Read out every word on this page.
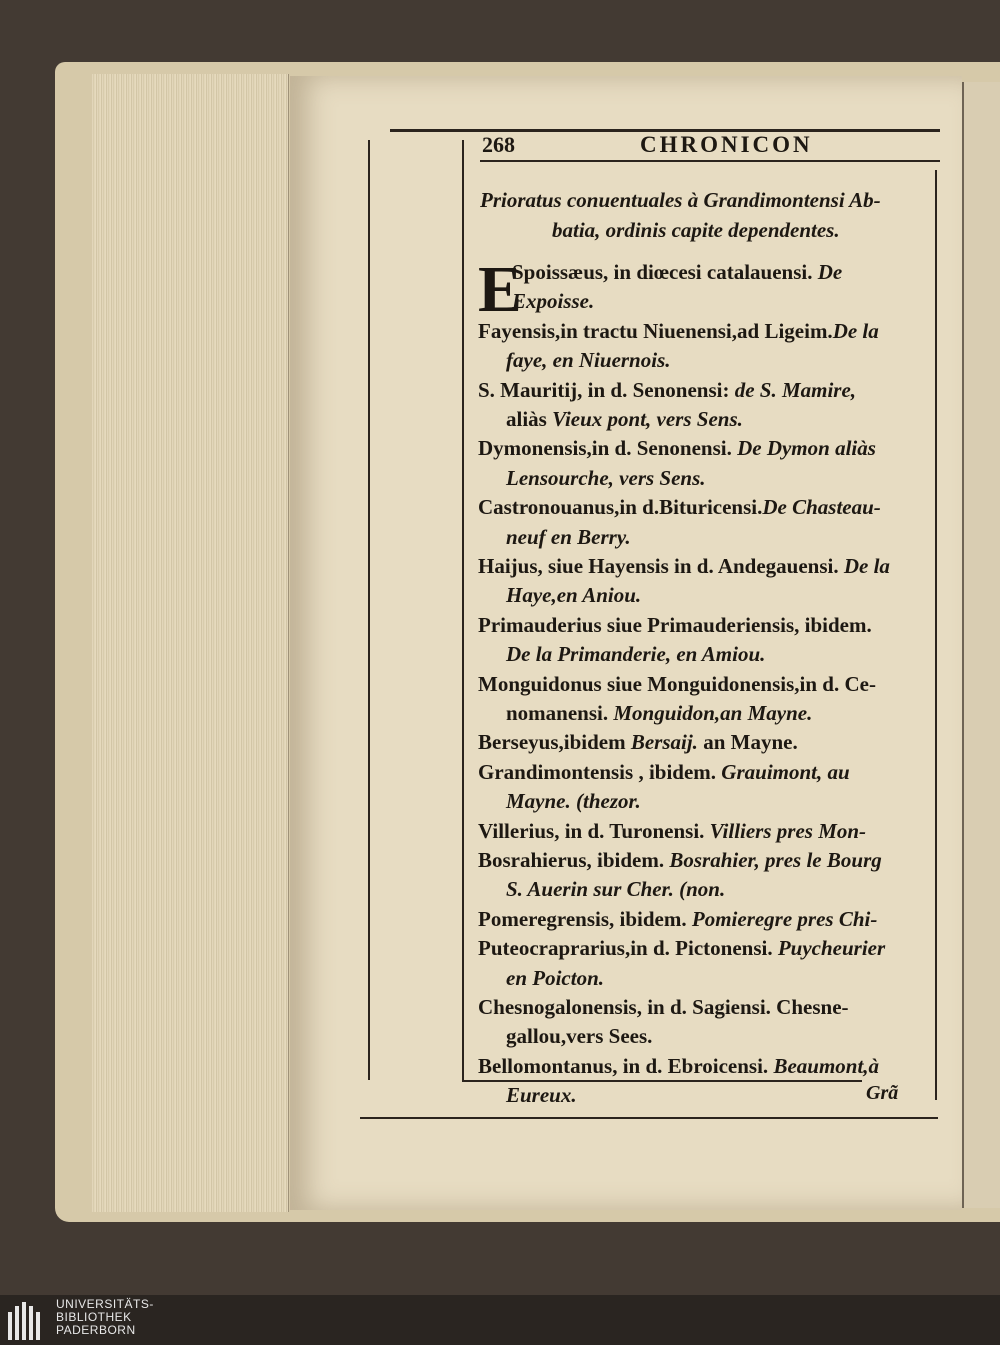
268	CHRONICON
Prioratus conuentuales à Grandimontensi Ab-
batia, ordinis capite dependentes.
E
Spoissæus, in diœcesi catalauensi. De
Expoisse.
Fayensis,in tractu Niuenensi,ad Ligeim.De la
faye, en Niuernois.
S. Mauritij, in d. Senonensi: de S. Mamire,
aliàs Vieux pont, vers Sens.
Dymonensis,in d. Senonensi. De Dymon aliàs
Lensourche, vers Sens.
Castronouanus,in d.Bituricensi.De Chasteau-
neuf en Berry.
Haijus, siue Hayensis in d. Andegauensi. De la
Haye,en Aniou.
Primauderius siue Primauderiensis, ibidem.
De la Primanderie, en Amiou.
Monguidonus siue Monguidonensis,in d. Ce-
nomanensi. Monguidon,an Mayne.
Berseyus,ibidem Bersaij. an Mayne.
Grandimontensis , ibidem. Grauimont, au
Mayne. (thezor.
Villerius, in d. Turonensi. Villiers pres Mon-
Bosrahierus, ibidem. Bosrahier, pres le Bourg
S. Auerin sur Cher. (non.
Pomeregrensis, ibidem. Pomieregre pres Chi-
Puteocraprarius,in d. Pictonensi. Puycheurier
en Poicton.
Chesnogalonensis, in d. Sagiensi. Chesne-
gallou,vers Sees.
Bellomontanus, in d. Ebroicensi. Beaumont,à
Eureux.	Grã
UNIVERSITÄTS-
BIBLIOTHEK
PADERBORN
